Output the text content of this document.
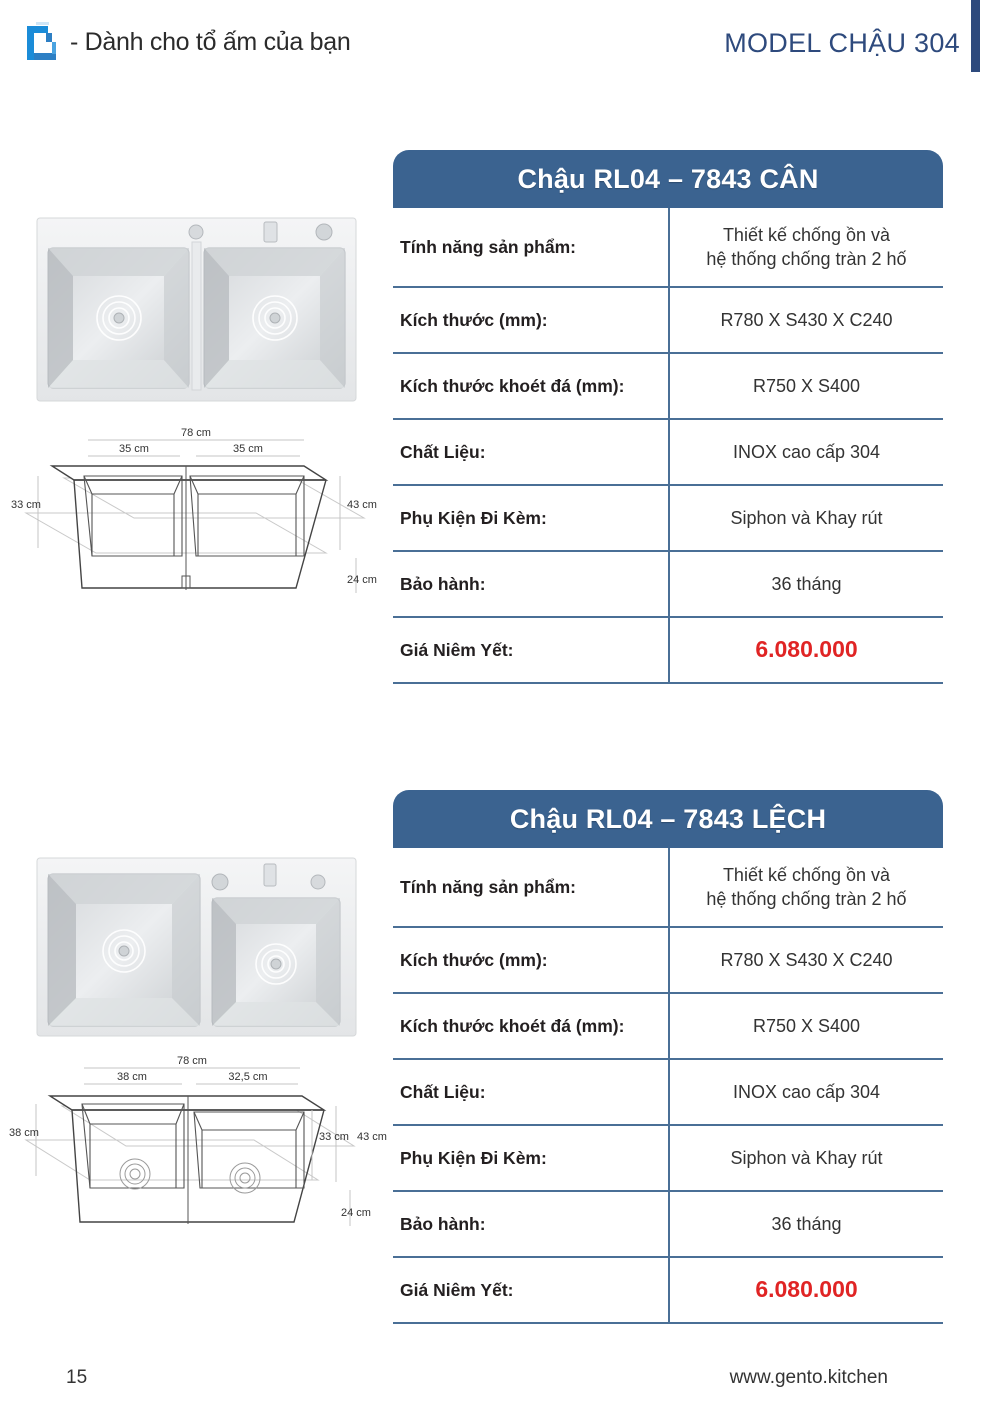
- Dành cho tổ ấm của bạn	MODEL CHẬU 304
78 cm
35 cm	35 cm
33 cm	43 cm
24 cm
Chậu RL04 – 7843 CÂN
Tính năng sản phẩm:
Thiết kế chống ồn và
hệ thống chống tràn 2 hố
Kích thước (mm):	R780 X S430 X C240
Kích thước khoét đá (mm):	R750 X S400
Chất Liệu:	INOX cao cấp 304
Phụ Kiện Đi Kèm:	Siphon và Khay rút
Bảo hành:	36 tháng
Giá Niêm Yết:	6.080.000
78 cm
38 cm	32,5 cm
38 cm	33 cm 43 cm
24 cm
Chậu RL04 – 7843 LỆCH
Tính năng sản phẩm:
Thiết kế chống ồn và
hệ thống chống tràn 2 hố
Kích thước (mm):	R780 X S430 X C240
Kích thước khoét đá (mm):	R750 X S400
Chất Liệu:	INOX cao cấp 304
Phụ Kiện Đi Kèm:	Siphon và Khay rút
Bảo hành:	36 tháng
Giá Niêm Yết:	6.080.000
15	www.gento.kitchen
